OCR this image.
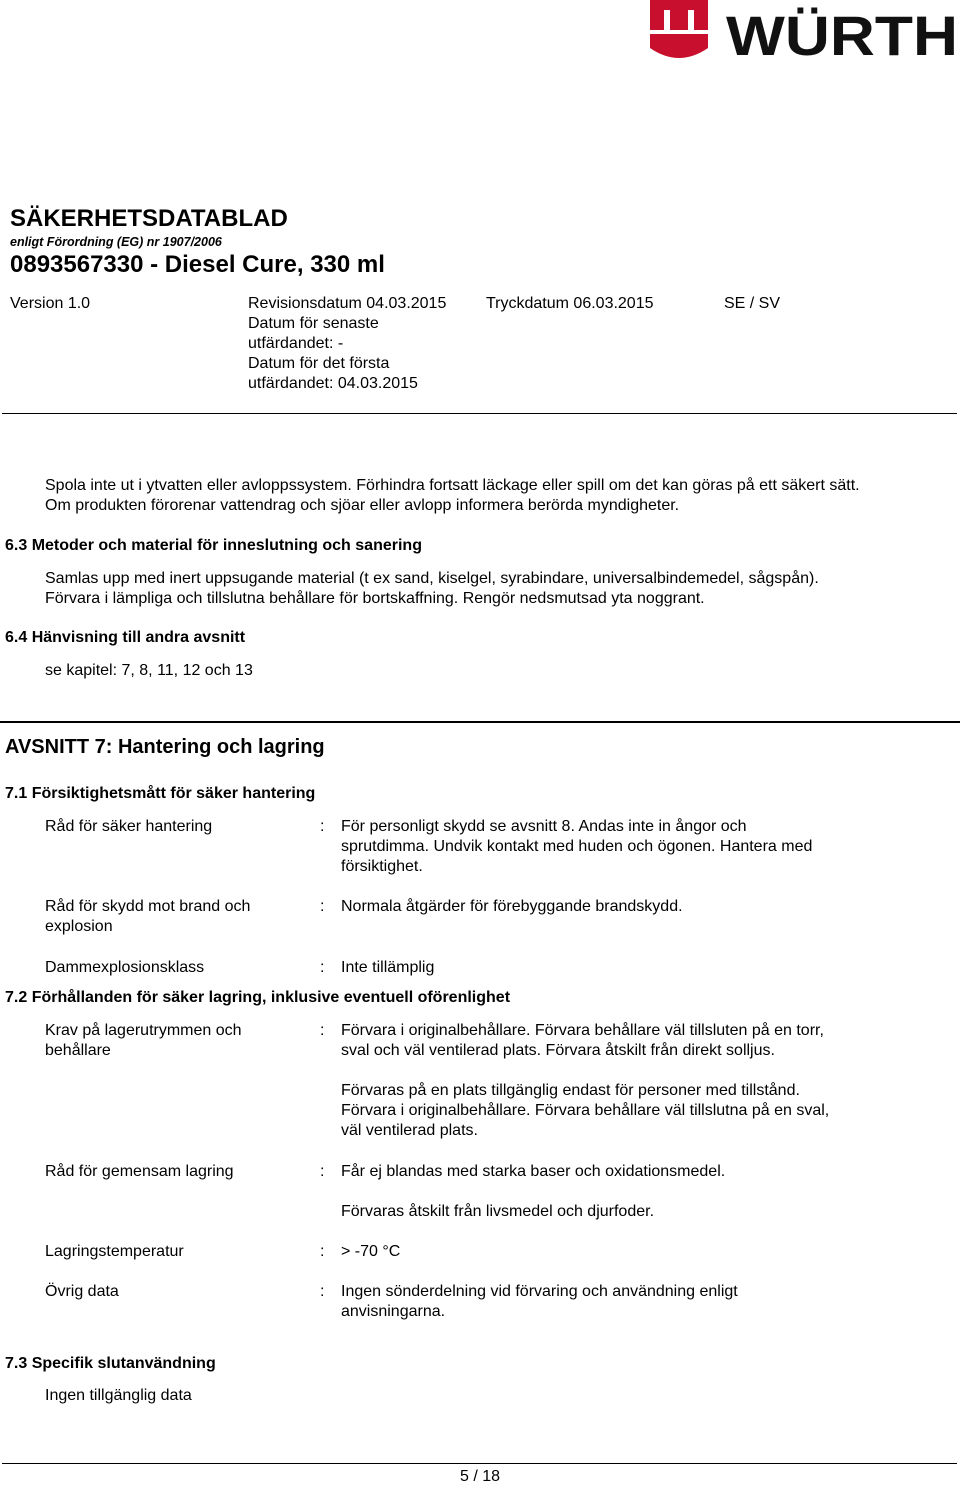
WÜRTH
SÄKERHETSDATABLAD
enligt Förordning (EG) nr 1907/2006
0893567330 - Diesel Cure, 330 ml
Version 1.0	Revisionsdatum 04.03.2015
Datum för senaste
utfärdandet: -
Datum för det första
utfärdandet: 04.03.2015
Tryckdatum 06.03.2015	SE / SV
Spola inte ut i ytvatten eller avloppssystem. Förhindra fortsatt läckage eller spill om det kan göras på ett säkert sätt.
Om produkten förorenar vattendrag och sjöar eller avlopp informera berörda myndigheter.
6.3 Metoder och material för inneslutning och sanering
Samlas upp med inert uppsugande material (t ex sand, kiselgel, syrabindare, universalbindemedel, sågspån).
Förvara i lämpliga och tillslutna behållare för bortskaffning. Rengör nedsmutsad yta noggrant.
6.4 Hänvisning till andra avsnitt
se kapitel: 7, 8, 11, 12 och 13
AVSNITT 7: Hantering och lagring
7.1 Försiktighetsmått för säker hantering
Råd för säker hantering	: För personligt skydd se avsnitt 8. Andas inte in ångor och
sprutdimma. Undvik kontakt med huden och ögonen. Hantera med
försiktighet.
Råd för skydd mot brand och
explosion
: Normala åtgärder för förebyggande brandskydd.
Dammexplosionsklass	: Inte tillämplig
7.2 Förhållanden för säker lagring, inklusive eventuell oförenlighet
Krav på lagerutrymmen och
behållare
: Förvara i originalbehållare. Förvara behållare väl tillsluten på en torr,
sval och väl ventilerad plats. Förvara åtskilt från direkt solljus.
Förvaras på en plats tillgänglig endast för personer med tillstånd.
Förvara i originalbehållare. Förvara behållare väl tillslutna på en sval,
väl ventilerad plats.
Råd för gemensam lagring	: Får ej blandas med starka baser och oxidationsmedel.
Förvaras åtskilt från livsmedel och djurfoder.
Lagringstemperatur	: > -70 °C
Övrig data	: Ingen sönderdelning vid förvaring och användning enligt
anvisningarna.
7.3 Specifik slutanvändning
Ingen tillgänglig data
5 / 18
